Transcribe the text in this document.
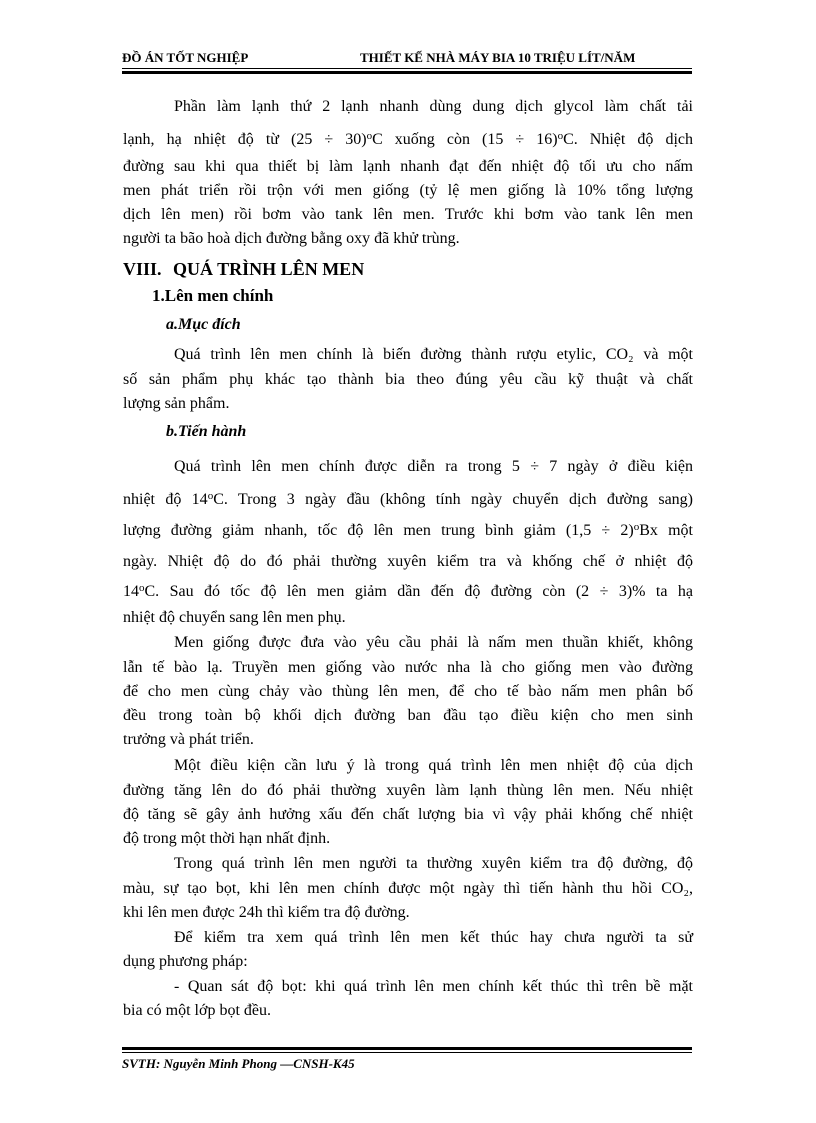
ĐỒ ÁN TỐT NGHIỆP	THIẾT KẾ NHÀ MÁY BIA 10 TRIỆU LÍT/NĂM
Phần làm lạnh thứ 2 lạnh nhanh dùng dung dịch glycol làm chất tải
lạnh, hạ nhiệt độ từ $(25 \div 30)^oC$ xuống còn $(15 \div 16)^oC$. Nhiệt độ dịch
đường sau khi qua thiết bị làm lạnh nhanh đạt đến nhiệt độ tối ưu cho nấm
men phát triển rồi trộn với men giống (tỷ lệ men giống là 10% tổng lượng
dịch lên men) rồi bơm vào tank lên men. Trước khi bơm vào tank lên men
người ta bão hoà dịch đường bằng oxy đã khử trùng.
VIII. QUÁ TRÌNH LÊN MEN
1.Lên men chính
a.Mục đích
Quá trình lên men chính là biến đường thành rượu etylic, CO₂ và một
số sản phẩm phụ khác tạo thành bia theo đúng yêu cầu kỹ thuật và chất
lượng sản phẩm.
b.Tiến hành
Quá trình lên men chính được diễn ra trong 5 ÷ 7 ngày ở điều kiện
nhiệt độ 14$^o$C. Trong 3 ngày đầu (không tính ngày chuyển dịch đường sang)
lượng đường giảm nhanh, tốc độ lên men trung bình giảm $(1,5 \div 2)^oBx$ một
ngày. Nhiệt độ do đó phải thường xuyên kiểm tra và khống chế ở nhiệt độ
14$^o$C. Sau đó tốc độ lên men giảm dần đến độ đường còn (2 ÷ 3)% ta hạ
nhiệt độ chuyển sang lên men phụ.
Men giống được đưa vào yêu cầu phải là nấm men thuần khiết, không
lẫn tế bào lạ. Truyền men giống vào nước nha là cho giống men vào đường
để cho men cùng chảy vào thùng lên men, để cho tế bào nấm men phân bố
đều trong toàn bộ khối dịch đường ban đầu tạo điều kiện cho men sinh
trưởng và phát triển.
Một điều kiện cần lưu ý là trong quá trình lên men nhiệt độ của dịch
đường tăng lên do đó phải thường xuyên làm lạnh thùng lên men. Nếu nhiệt
độ tăng sẽ gây ảnh hưởng xấu đến chất lượng bia vì vậy phải khống chế nhiệt
độ trong một thời hạn nhất định.
Trong quá trình lên men người ta thường xuyên kiểm tra độ đường, độ
màu, sự tạo bọt, khi lên men chính được một ngày thì tiến hành thu hồi CO₂,
khi lên men được 24h thì kiểm tra độ đường.
Để kiểm tra xem quá trình lên men kết thúc hay chưa người ta sử
dụng phương pháp:
- Quan sát độ bọt: khi quá trình lên men chính kết thúc thì trên bề mặt
bia có một lớp bọt đều.
SVTH: Nguyễn Minh Phong —CNSH-K45
